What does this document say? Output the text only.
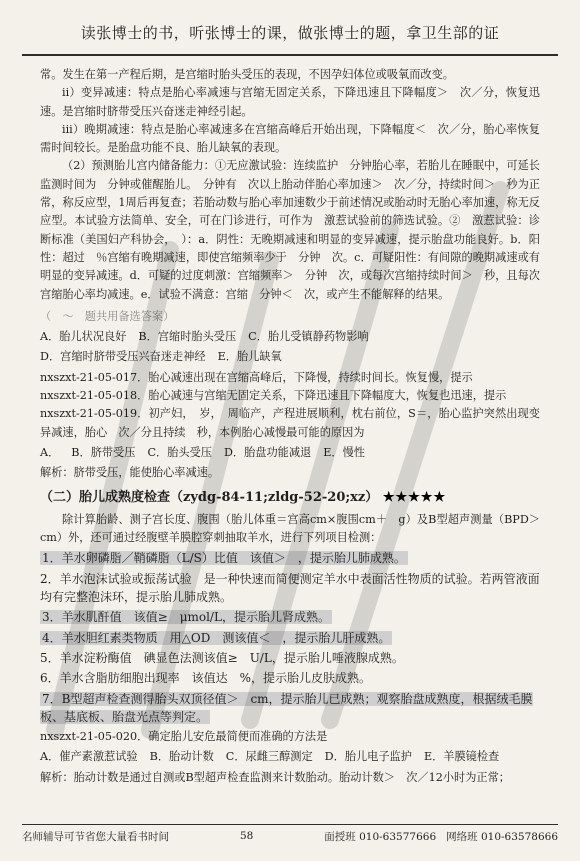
读张博士的书，听张博士的课，做张博士的题，拿卫生部的证

常。发生在第一产程后期，是宫缩时胎头受压的表现，不因孕妇体位或吸氧而改变。

ii）变异减速：特点是胎心率减速与宫缩无固定关系，下降迅速且下降幅度＞　次／分，恢复迅速。是宫缩时脐带受压兴奋迷走神经引起。

iii）晚期减速：特点是胎心率减速多在宫缩高峰后开始出现，下降幅度＜　次／分，胎心率恢复需时间较长。是胎盘功能不良、胎儿缺氧的表现。

（2）预测胎儿宫内储备能力：①无应激试验：连续监护　分钟胎心率，若胎儿在睡眠中，可延长监测时间为　分钟或催醒胎儿。　分钟有　次以上胎动伴胎心率加速＞　次／分，持续时间＞　秒为正常，称反应型，1周后再复查；若胎动数与胎心率加速数少于前述情况或胎动时无胎心率加速，称无反应型。本试验方法简单、安全，可在门诊进行，可作为　激惹试验前的筛选试验。②　激惹试验：诊断标准（美国妇产科协会，　）：a．阴性：无晚期减速和明显的变异减速，提示胎盘功能良好。b．阳性：超过　％宫缩有晚期减速，即使宫缩频率少于　分钟　次。c．可疑阳性：有间隙的晚期减速或有明显的变异减速。d．可疑的过度刺激：宫缩频率＞　分钟　次，或每次宫缩持续时间＞　秒，且每次宫缩胎心率均减速。e．试验不满意：宫缩　分钟＜　次，或产生不能解释的结果。

（　～　题共用备选答案）
A．胎儿状况良好 B．宫缩时胎头受压 C．胎儿受镇静药物影响
D．宫缩时脐带受压兴奋迷走神经 E．胎儿缺氧

nxszxt-21-05-017．胎心减速出现在宫缩高峰后，下降慢，持续时间长。恢复慢，提示

nxszxt-21-05-018．胎心减速与宫缩无固定关系，下降迅速且下降幅度大，恢复也迅速，提示

nxszxt-21-05-019．初产妇，　岁，　周临产，产程进展顺利，枕右前位，S＝，胎心监护突然出现变异减速，胎心　次／分且持续　秒，本例胎心减慢最可能的原因为

A． B．脐带受压 C．胎头受压 D．胎盘功能减退 E．慢性

解析：脐带受压，能使胎心率减速。

（二）胎儿成熟度检查（zydg-84-11;zldg-52-20;xz） ★★★★★

除计算胎龄、测子宫长度、腹围（胎儿体重＝宫高cm×腹围cm＋　g）及B型超声测量（BPD＞　cm）外，还可通过经腹壁羊膜腔穿刺抽取羊水，进行下列项目检测：

1．羊水卵磷脂／鞘磷脂（L/S）比值　该值＞　，提示胎儿肺成熟。
2．羊水泡沫试验或振荡试验　是一种快速而简便测定羊水中表面活性物质的试验。若两管液面均有完整泡沫环，提示胎儿肺成熟。
3．羊水肌酐值　该值≥　μmol/L，提示胎儿肾成熟。
4．羊水胆红素类物质　用△OD　测该值＜　，提示胎儿肝成熟。
5．羊水淀粉酶值　碘显色法测该值≥　U/L，提示胎儿唾液腺成熟。
6．羊水含脂肪细胞出现率　该值达　%，提示胎儿皮肤成熟。
7．B型超声检查测得胎头双顶径值＞　cm，提示胎儿已成熟；观察胎盘成熟度，根据绒毛膜板、基底板、胎盘光点等判定。

nxszxt-21-05-020．确定胎儿安危最简便而准确的方法是

A．催产素激惹试验 B．胎动计数 C．尿雌三醇测定 D．胎儿电子监护 E．羊膜镜检查

解析：胎动计数是通过自测或B型超声检查监测来计数胎动。胎动计数＞　次／12小时为正常；

名师辅导可节省您大量看书时间	58	面授班 010-63577666 网络班 010-63578666
